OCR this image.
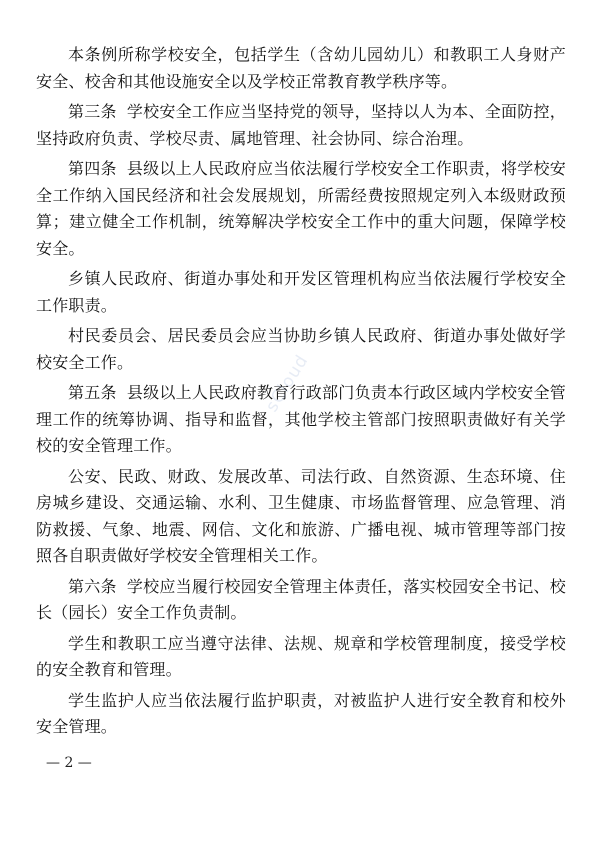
本条例所称学校安全，包括学生（含幼儿园幼儿）和教职工人身财产安全、校舍和其他设施安全以及学校正常教育教学秩序等。

第三条 学校安全工作应当坚持党的领导，坚持以人为本、全面防控，坚持政府负责、学校尽责、属地管理、社会协同、综合治理。

第四条 县级以上人民政府应当依法履行学校安全工作职责，将学校安全工作纳入国民经济和社会发展规划，所需经费按照规定列入本级财政预算；建立健全工作机制，统筹解决学校安全工作中的重大问题，保障学校安全。

乡镇人民政府、街道办事处和开发区管理机构应当依法履行学校安全工作职责。

村民委员会、居民委员会应当协助乡镇人民政府、街道办事处做好学校安全工作。

第五条 县级以上人民政府教育行政部门负责本行政区域内学校安全管理工作的统筹协调、指导和监督，其他学校主管部门按照职责做好有关学校的安全管理工作。

公安、民政、财政、发展改革、司法行政、自然资源、生态环境、住房城乡建设、交通运输、水利、卫生健康、市场监督管理、应急管理、消防救援、气象、地震、网信、文化和旅游、广播电视、城市管理等部门按照各自职责做好学校安全管理相关工作。

第六条 学校应当履行校园安全管理主体责任，落实校园安全书记、校长（园长）安全工作负责制。

学生和教职工应当遵守法律、法规、规章和学校管理制度，接受学校的安全教育和管理。

学生监护人应当依法履行监护职责，对被监护人进行安全教育和校外安全管理。

sCloud
— 2 —
